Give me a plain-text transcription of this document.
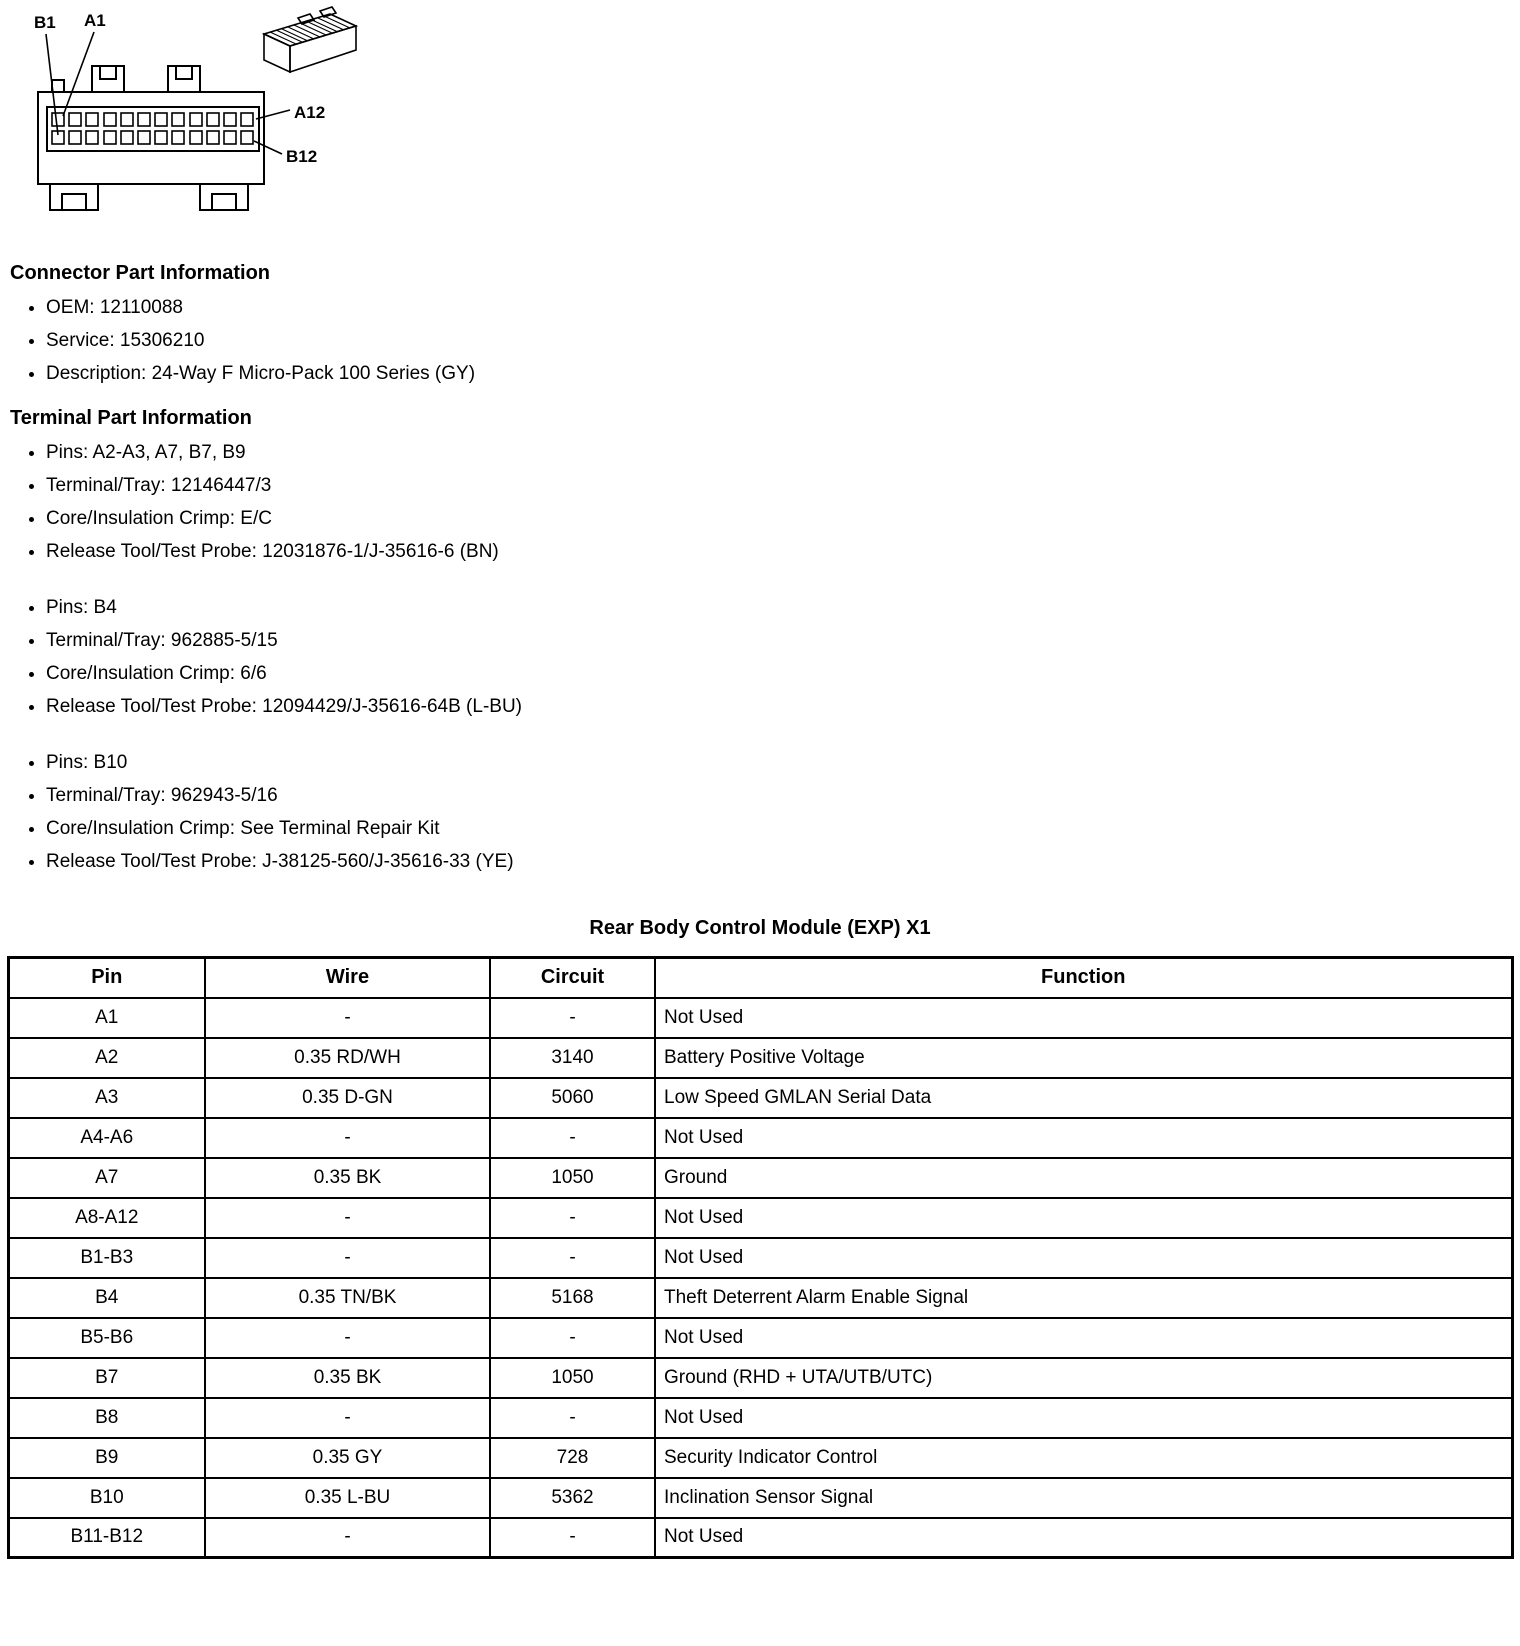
B1 A1
A12
B12
Connector Part Information
• OEM: 12110088
• Service: 15306210
• Description: 24-Way F Micro-Pack 100 Series (GY)
Terminal Part Information
• Pins: A2-A3, A7, B7, B9
• Terminal/Tray: 12146447/3
• Core/Insulation Crimp: E/C
• Release Tool/Test Probe: 12031876-1/J-35616-6 (BN)
• Pins: B4
• Terminal/Tray: 962885-5/15
• Core/Insulation Crimp: 6/6
• Release Tool/Test Probe: 12094429/J-35616-64B (L-BU)
• Pins: B10
• Terminal/Tray: 962943-5/16
• Core/Insulation Crimp: See Terminal Repair Kit
• Release Tool/Test Probe: J-38125-560/J-35616-33 (YE)
Rear Body Control Module (EXP) X1
Pin	Wire	Circuit	Function
A1	-	-	Not Used
A2	0.35 RD/WH	3140	Battery Positive Voltage
A3	0.35 D-GN	5060	Low Speed GMLAN Serial Data
A4-A6	-	-	Not Used
A7	0.35 BK	1050	Ground
A8-A12	-	-	Not Used
B1-B3	-	-	Not Used
B4	0.35 TN/BK	5168	Theft Deterrent Alarm Enable Signal
B5-B6	-	-	Not Used
B7	0.35 BK	1050	Ground (RHD + UTA/UTB/UTC)
B8	-	-	Not Used
B9	0.35 GY	728	Security Indicator Control
B10	0.35 L-BU	5362	Inclination Sensor Signal
B11-B12	-	-	Not Used
